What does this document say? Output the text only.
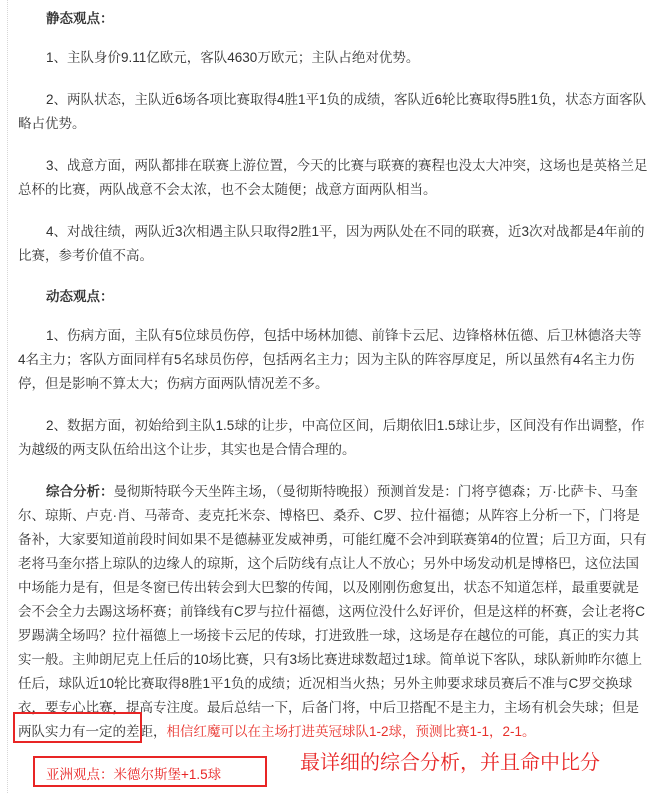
静态观点：

1、主队身价9.11亿欧元，客队4630万欧元；主队占绝对优势。

2、两队状态，主队近6场各项比赛取得4胜1平1负的成绩，客队近6轮比赛取得5胜1负，状态方面客队略占优势。

3、战意方面，两队都排在联赛上游位置，今天的比赛与联赛的赛程也没太大冲突，这场也是英格兰足总杯的比赛，两队战意不会太浓，也不会太随便；战意方面两队相当。

4、对战往绩，两队近3次相遇主队只取得2胜1平，因为两队处在不同的联赛，近3次对战都是4年前的比赛，参考价值不高。

动态观点：

1、伤病方面，主队有5位球员伤停，包括中场林加德、前锋卡云尼、边锋格林伍德、后卫林德洛夫等4名主力；客队方面同样有5名球员伤停，包括两名主力；因为主队的阵容厚度足，所以虽然有4名主力伤停，但是影响不算太大；伤病方面两队情况差不多。

2、数据方面，初始给到主队1.5球的让步，中高位区间，后期依旧1.5球让步，区间没有作出调整，作为越级的两支队伍给出这个让步，其实也是合情合理的。

综合分析：曼彻斯特联今天坐阵主场，（曼彻斯特晚报）预测首发是：门将亨德森；万·比萨卡、马奎尔、琼斯、卢克·肖、马蒂奇、麦克托米奈、博格巴、桑乔、C罗、拉什福德；从阵容上分析一下，门将是备补，大家要知道前段时间如果不是德赫亚发威神勇，可能红魔不会冲到联赛第4的位置；后卫方面，只有老将马奎尔搭上琼队的边缘人的琼斯，这个后防线有点让人不放心；另外中场发动机是博格巴，这位法国中场能力是有，但是冬窗已传出转会到大巴黎的传闻，以及刚刚伤愈复出，状态不知道怎样，最重要就是会不会全力去踢这场杯赛；前锋线有C罗与拉什福德，这两位没什么好评价，但是这样的杯赛，会让老将C罗踢满全场吗？拉什福德上一场接卡云尼的传球，打进致胜一球，这场是存在越位的可能，真正的实力其实一般。主帅朗尼克上任后的10场比赛，只有3场比赛进球数超过1球。简单说下客队，球队新帅昨尔德上任后，球队近10轮比赛取得8胜1平1负的成绩；近况相当火热；另外主帅要求球员赛后不准与C罗交换球衣，要专心比赛，提高专注度。最后总结一下，后备门将，中后卫搭配不是主力，主场有机会失球；但是两队实力有一定的差距，相信红魔可以在主场打进英冠球队1-2球，预测比赛1-1，2-1。

亚洲观点：米德尔斯堡+1.5球
最详细的综合分析，并且命中比分
